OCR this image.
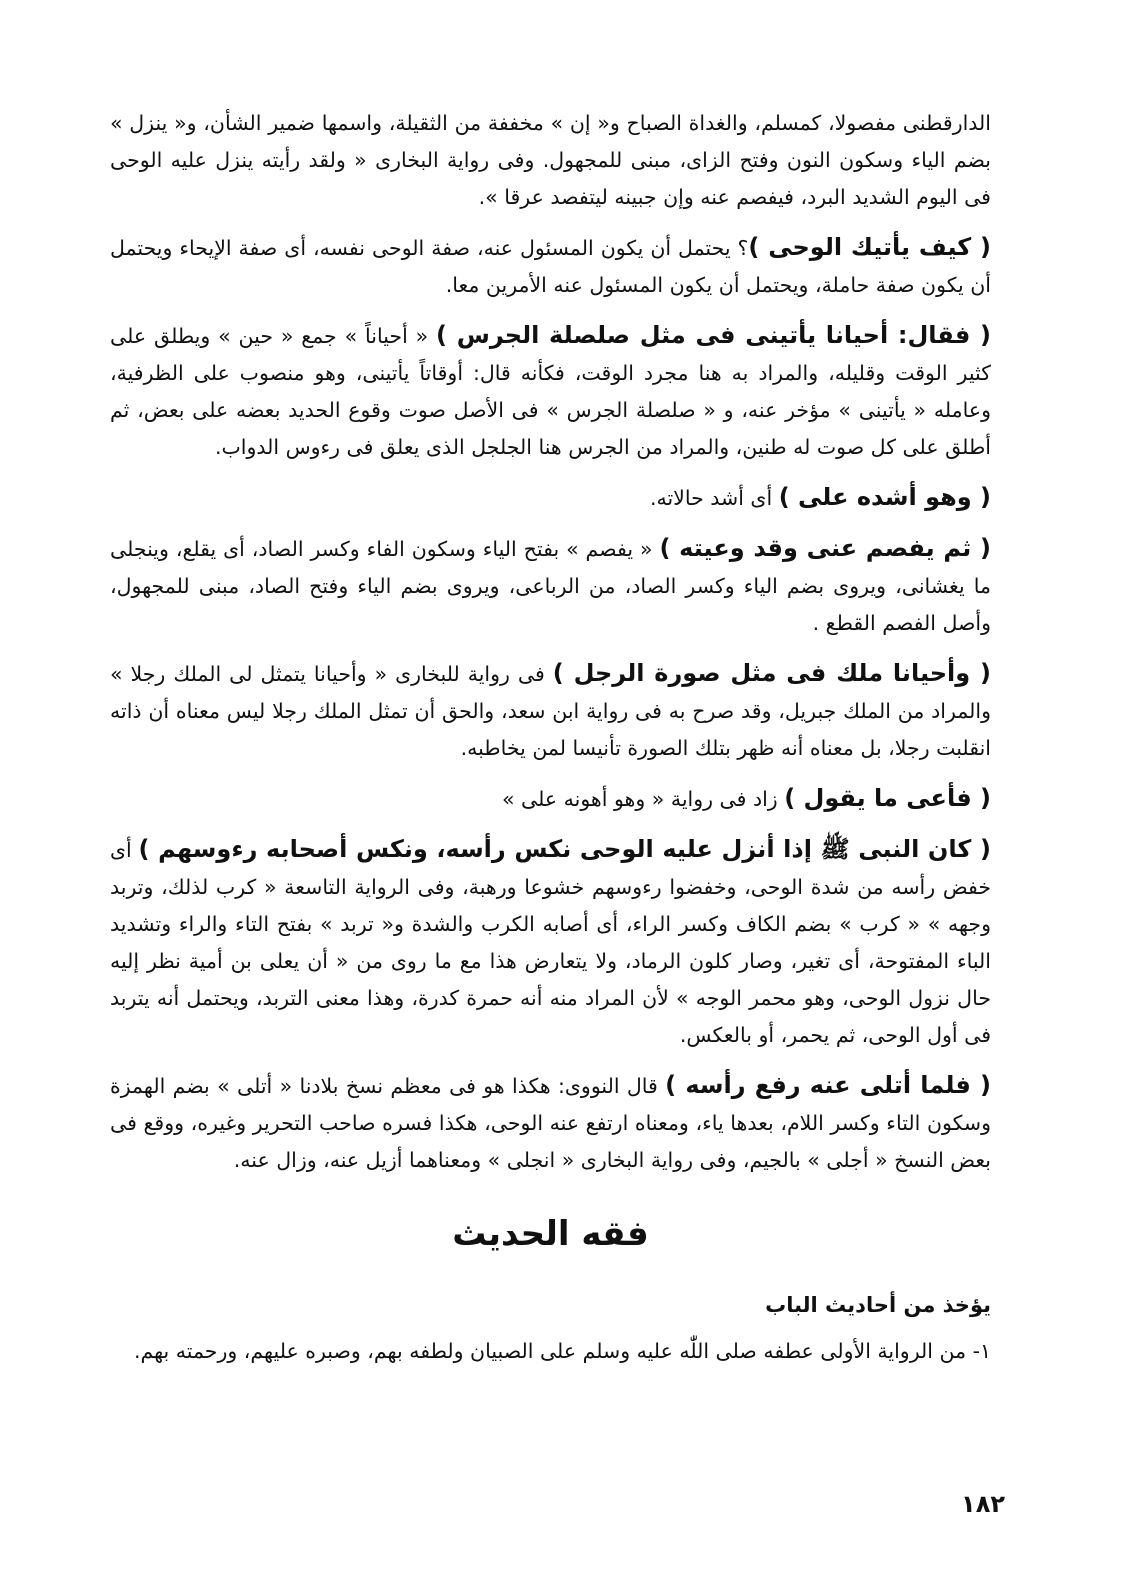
الدارقطنى مفصولا، كمسلم، والغداة الصباح و« إن » مخففة من الثقيلة، واسمها ضمير الشأن، و« ينزل » بضم الياء وسكون النون وفتح الزاى، مبنى للمجهول. وفى رواية البخارى « ولقد رأيته ينزل عليه الوحى فى اليوم الشديد البرد، فيفصم عنه وإن جبينه ليتفصد عرقا ».

( كيف يأتيك الوحى )؟ يحتمل أن يكون المسئول عنه، صفة الوحى نفسه، أى صفة الإيحاء ويحتمل أن يكون صفة حاملة، ويحتمل أن يكون المسئول عنه الأمرين معا.

( فقال: أحيانا يأتينى فى مثل صلصلة الجرس ) « أحياناً » جمع « حين » ويطلق على كثير الوقت وقليله، والمراد به هنا مجرد الوقت، فكأنه قال: أوقاتاً يأتينى، وهو منصوب على الظرفية، وعامله « يأتينى » مؤخر عنه، و « صلصلة الجرس » فى الأصل صوت وقوع الحديد بعضه على بعض، ثم أطلق على كل صوت له طنين، والمراد من الجرس هنا الجلجل الذى يعلق فى رءوس الدواب.

( وهو أشده على ) أى أشد حالاته.

( ثم يفصم عنى وقد وعيته ) « يفصم » بفتح الياء وسكون الفاء وكسر الصاد، أى يقلع، وينجلى ما يغشانى، ويروى بضم الياء وكسر الصاد، من الرباعى، ويروى بضم الياء وفتح الصاد، مبنى للمجهول، وأصل الفصم القطع .

( وأحيانا ملك فى مثل صورة الرجل ) فى رواية للبخارى « وأحيانا يتمثل لى الملك رجلا » والمراد من الملك جبريل، وقد صرح به فى رواية ابن سعد، والحق أن تمثل الملك رجلا ليس معناه أن ذاته انقلبت رجلا، بل معناه أنه ظهر بتلك الصورة تأنيسا لمن يخاطبه.

( فأعى ما يقول ) زاد فى رواية « وهو أهونه على »

( كان النبى ﷺ إذا أنزل عليه الوحى نكس رأسه، ونكس أصحابه رءوسهم ) أى خفض رأسه من شدة الوحى، وخفضوا رءوسهم خشوعا ورهبة، وفى الرواية التاسعة « كرب لذلك، وتربد وجهه » « كرب » بضم الكاف وكسر الراء، أى أصابه الكرب والشدة و« تربد » بفتح التاء والراء وتشديد الباء المفتوحة، أى تغير، وصار كلون الرماد، ولا يتعارض هذا مع ما روى من « أن يعلى بن أمية نظر إليه حال نزول الوحى، وهو محمر الوجه » لأن المراد منه أنه حمرة كدرة، وهذا معنى التربد، ويحتمل أنه يتربد فى أول الوحى، ثم يحمر، أو بالعكس.

( فلما أتلى عنه رفع رأسه ) قال النووى: هكذا هو فى معظم نسخ بلادنا « أتلى » بضم الهمزة وسكون التاء وكسر اللام، بعدها ياء، ومعناه ارتفع عنه الوحى، هكذا فسره صاحب التحرير وغيره، ووقع فى بعض النسخ « أجلى » بالجيم، وفى رواية البخارى « انجلى » ومعناهما أزيل عنه، وزال عنه.

فقه الحديث
يؤخذ من أحاديث الباب
١- من الرواية الأولى عطفه صلى اللّٰه عليه وسلم على الصبيان ولطفه بهم، وصبره عليهم، ورحمته بهم.
١٨٢
